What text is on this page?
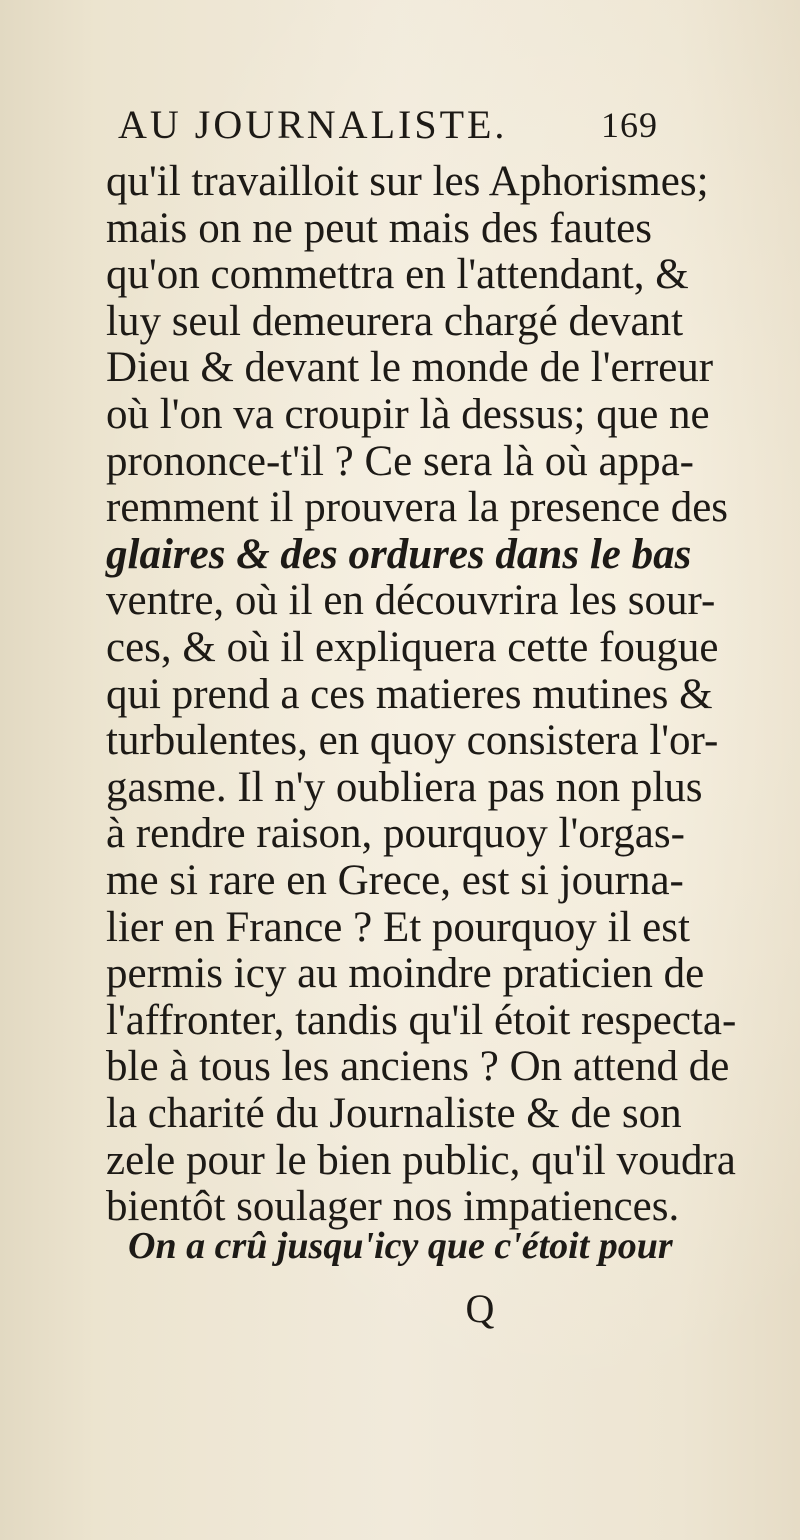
AU JOURNALISTE.	169
qu'il travailloit sur les Aphorismes;
mais on ne peut mais des fautes
qu'on commettra en l'attendant, &
luy seul demeurera chargé devant
Dieu & devant le monde de l'erreur
où l'on va croupir là dessus; que ne
prononce-t'il ? Ce sera là où appa-
remment il prouvera la presence des
glaires & des ordures dans le bas
ventre, où il en découvrira les sour-
ces, & où il expliquera cette fougue
qui prend a ces matieres mutines &
turbulentes, en quoy consistera l'or-
gasme. Il n'y oubliera pas non plus
à rendre raison, pourquoy l'orgas-
me si rare en Grece, est si journa-
lier en France ? Et pourquoy il est
permis icy au moindre praticien de
l'affronter, tandis qu'il étoit respecta-
ble à tous les anciens ? On attend de
la charité du Journaliste & de son
zele pour le bien public, qu'il voudra
bientôt soulager nos impatiences.
On a crû jusqu'icy que c'étoit pour
Q
